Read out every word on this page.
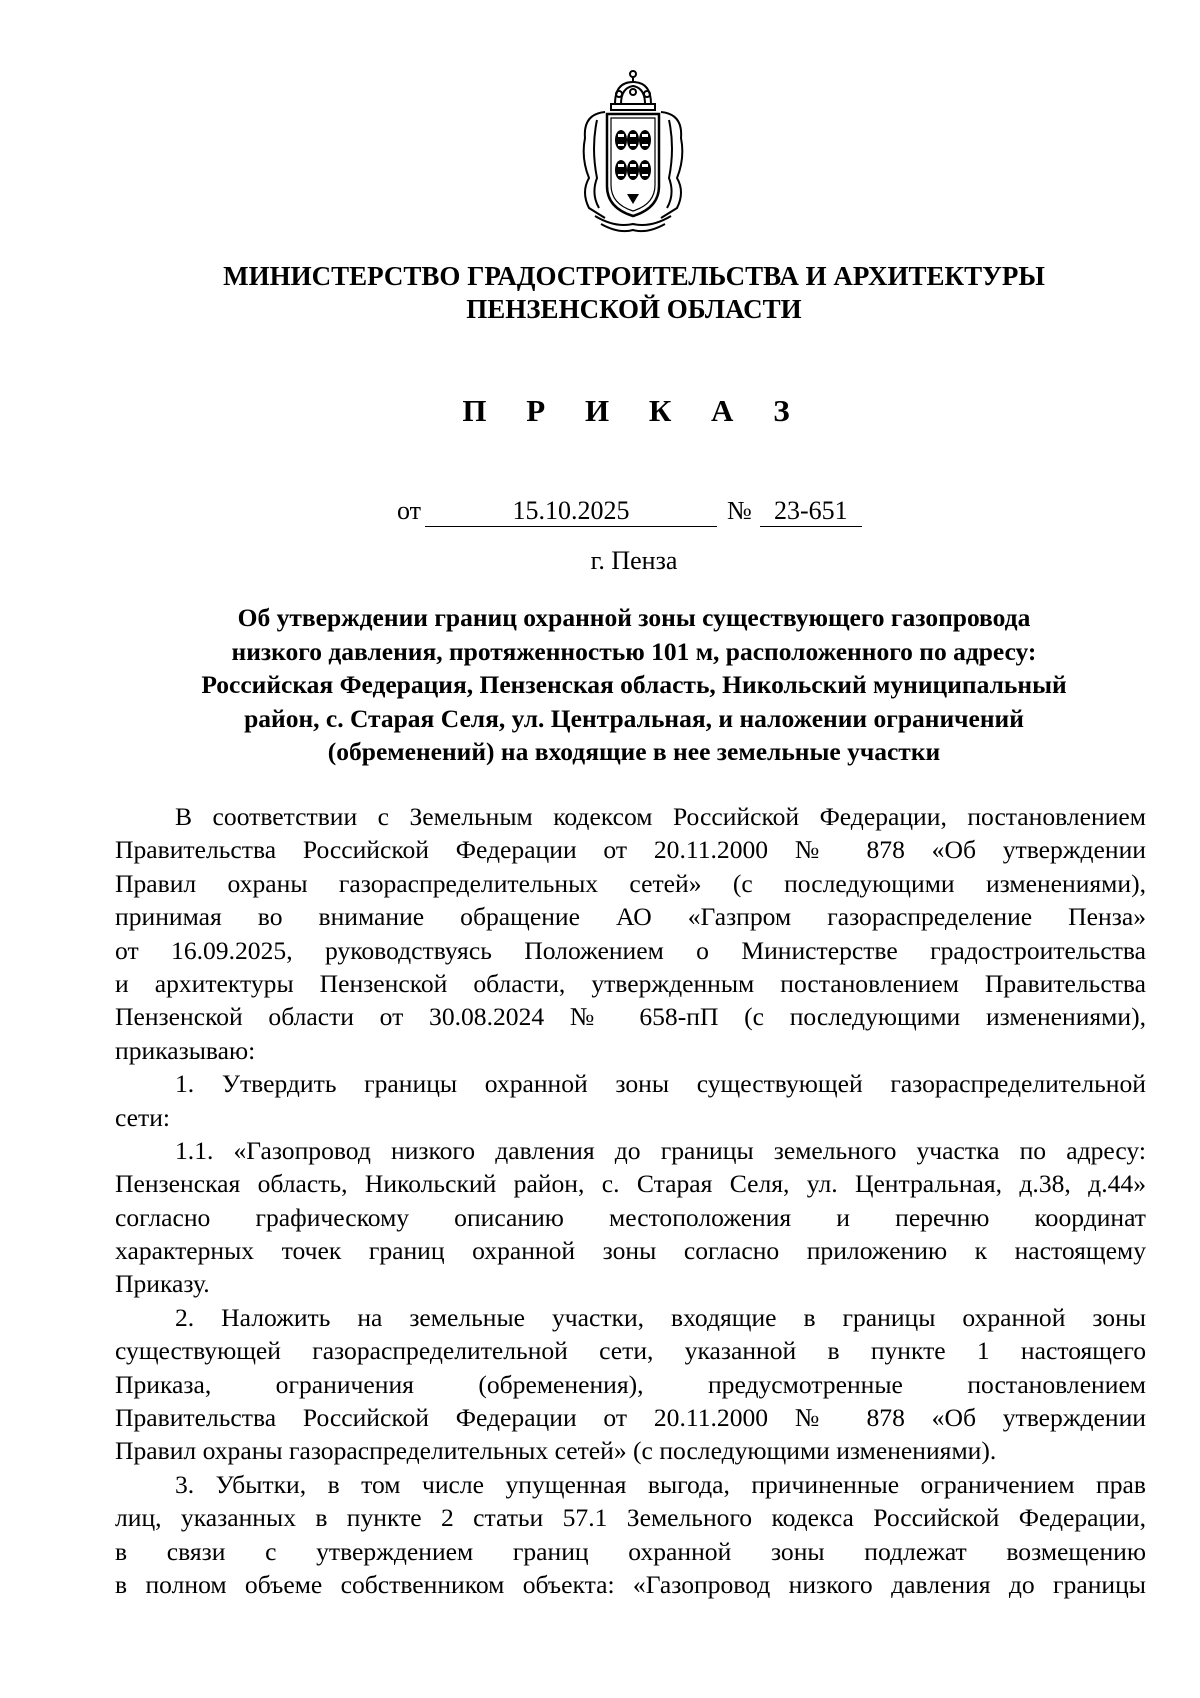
МИНИСТЕРСТВО ГРАДОСТРОИТЕЛЬСТВА И АРХИТЕКТУРЫ
ПЕНЗЕНСКОЙ ОБЛАСТИ
П Р И К А З
от	15.10.2025	№ 23-651
г. Пенза
Об утверждении границ охранной зоны существующего газопровода
низкого давления, протяженностью 101 м, расположенного по адресу:
Российская Федерация, Пензенская область, Никольский муниципальный
район, с. Старая Селя, ул. Центральная, и наложении ограничений
(обременений) на входящие в нее земельные участки
В соответствии с Земельным кодексом Российской Федерации, постановлением
Правительства Российской Федерации от 20.11.2000 № 878 «Об утверждении
Правил охраны газораспределительных сетей» (с последующими изменениями),
принимая во внимание обращение АО «Газпром газораспределение Пенза»
от 16.09.2025, руководствуясь Положением о Министерстве градостроительства
и архитектуры Пензенской области, утвержденным постановлением Правительства
Пензенской области от 30.08.2024 № 658-пП (с последующими изменениями),
приказываю:
1. Утвердить границы охранной зоны существующей газораспределительной
сети:
1.1. «Газопровод низкого давления до границы земельного участка по адресу:
Пензенская область, Никольский район, с. Старая Селя, ул. Центральная, д.38, д.44»
согласно графическому описанию местоположения и перечню координат
характерных точек границ охранной зоны согласно приложению к настоящему
Приказу.
2. Наложить на земельные участки, входящие в границы охранной зоны
существующей газораспределительной сети, указанной в пункте 1 настоящего
Приказа, ограничения (обременения), предусмотренные постановлением
Правительства Российской Федерации от 20.11.2000 № 878 «Об утверждении
Правил охраны газораспределительных сетей» (с последующими изменениями).
3. Убытки, в том числе упущенная выгода, причиненные ограничением прав
лиц, указанных в пункте 2 статьи 57.1 Земельного кодекса Российской Федерации,
в связи с утверждением границ охранной зоны подлежат возмещению
в полном объеме собственником объекта: «Газопровод низкого давления до границы
